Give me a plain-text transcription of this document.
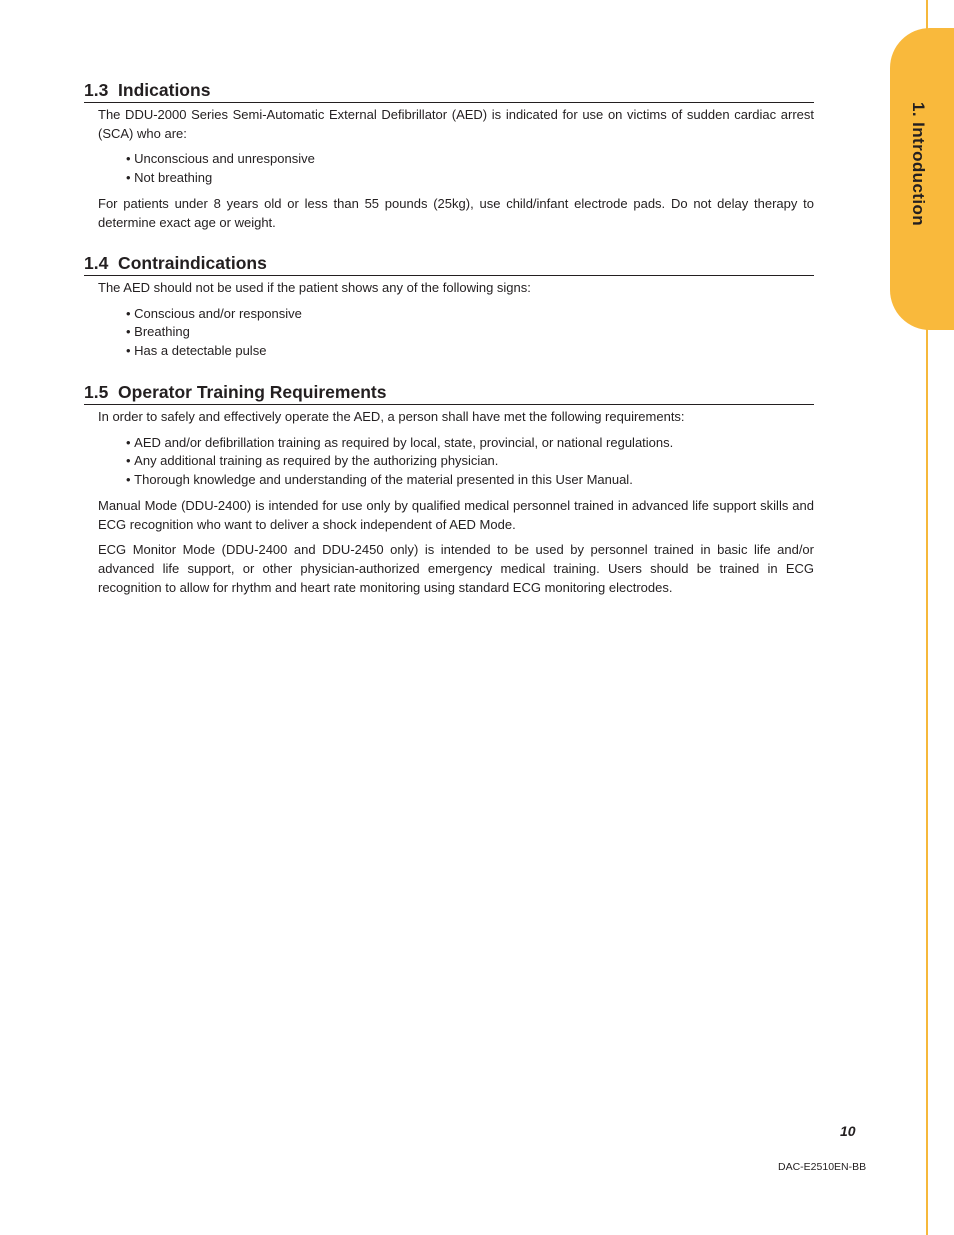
1. Introduction
1.3  Indications

The DDU-2000 Series Semi-Automatic External Defibrillator (AED) is indicated for use on victims of sudden cardiac arrest (SCA) who are:

• Unconscious and unresponsive
• Not breathing

For patients under 8 years old or less than 55 pounds (25kg), use child/infant electrode pads. Do not delay therapy to determine exact age or weight.

1.4  Contraindications

The AED should not be used if the patient shows any of the following signs:

• Conscious and/or responsive
• Breathing
• Has a detectable pulse
1.5  Operator Training Requirements

In order to safely and effectively operate the AED, a person shall have met the following requirements:

• AED and/or defibrillation training as required by local, state, provincial, or national regulations.
• Any additional training as required by the authorizing physician.
• Thorough knowledge and understanding of the material presented in this User Manual.

Manual Mode (DDU-2400) is intended for use only by qualified medical personnel trained in advanced life support skills and ECG recognition who want to deliver a shock independent of AED Mode.

ECG Monitor Mode (DDU-2400 and DDU-2450 only) is intended to be used by personnel trained in basic life and/or advanced life support, or other physician-authorized emergency medical training. Users should be trained in ECG recognition to allow for rhythm and heart rate monitoring using standard ECG monitoring electrodes.

10
DAC-E2510EN-BB
